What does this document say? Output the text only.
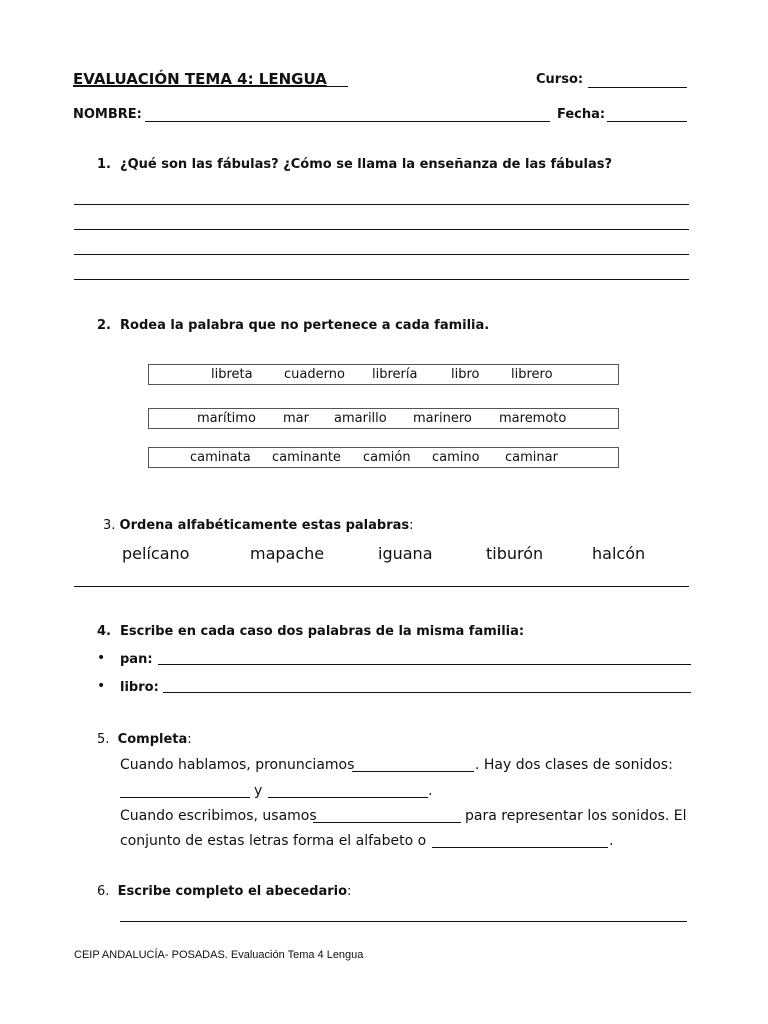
EVALUACIÓN TEMA 4: LENGUA	Curso:
NOMBRE:	Fecha:
1. ¿Qué son las fábulas? ¿Cómo se llama la enseñanza de las fábulas?
2. Rodea la palabra que no pertenece a cada familia.
libreta cuaderno librería	libro librero
marítimo mar amarillo marinero maremoto
caminata caminante camión camino caminar
3. Ordena alfabéticamente estas palabras:
pelícano	mapache	iguana	tiburón	halcón
4. Escribe en cada caso dos palabras de la misma familia:
• pan:
• libro:
5. Completa:
Cuando hablamos, pronunciamos	. Hay dos clases de sonidos:
y	.
Cuando escribimos, usamos	para representar los sonidos. El
conjunto de estas letras forma el alfabeto o	.
6. Escribe completo el abecedario:
CEIP ANDALUCÍA- POSADAS. Evaluación Tema 4 Lengua
